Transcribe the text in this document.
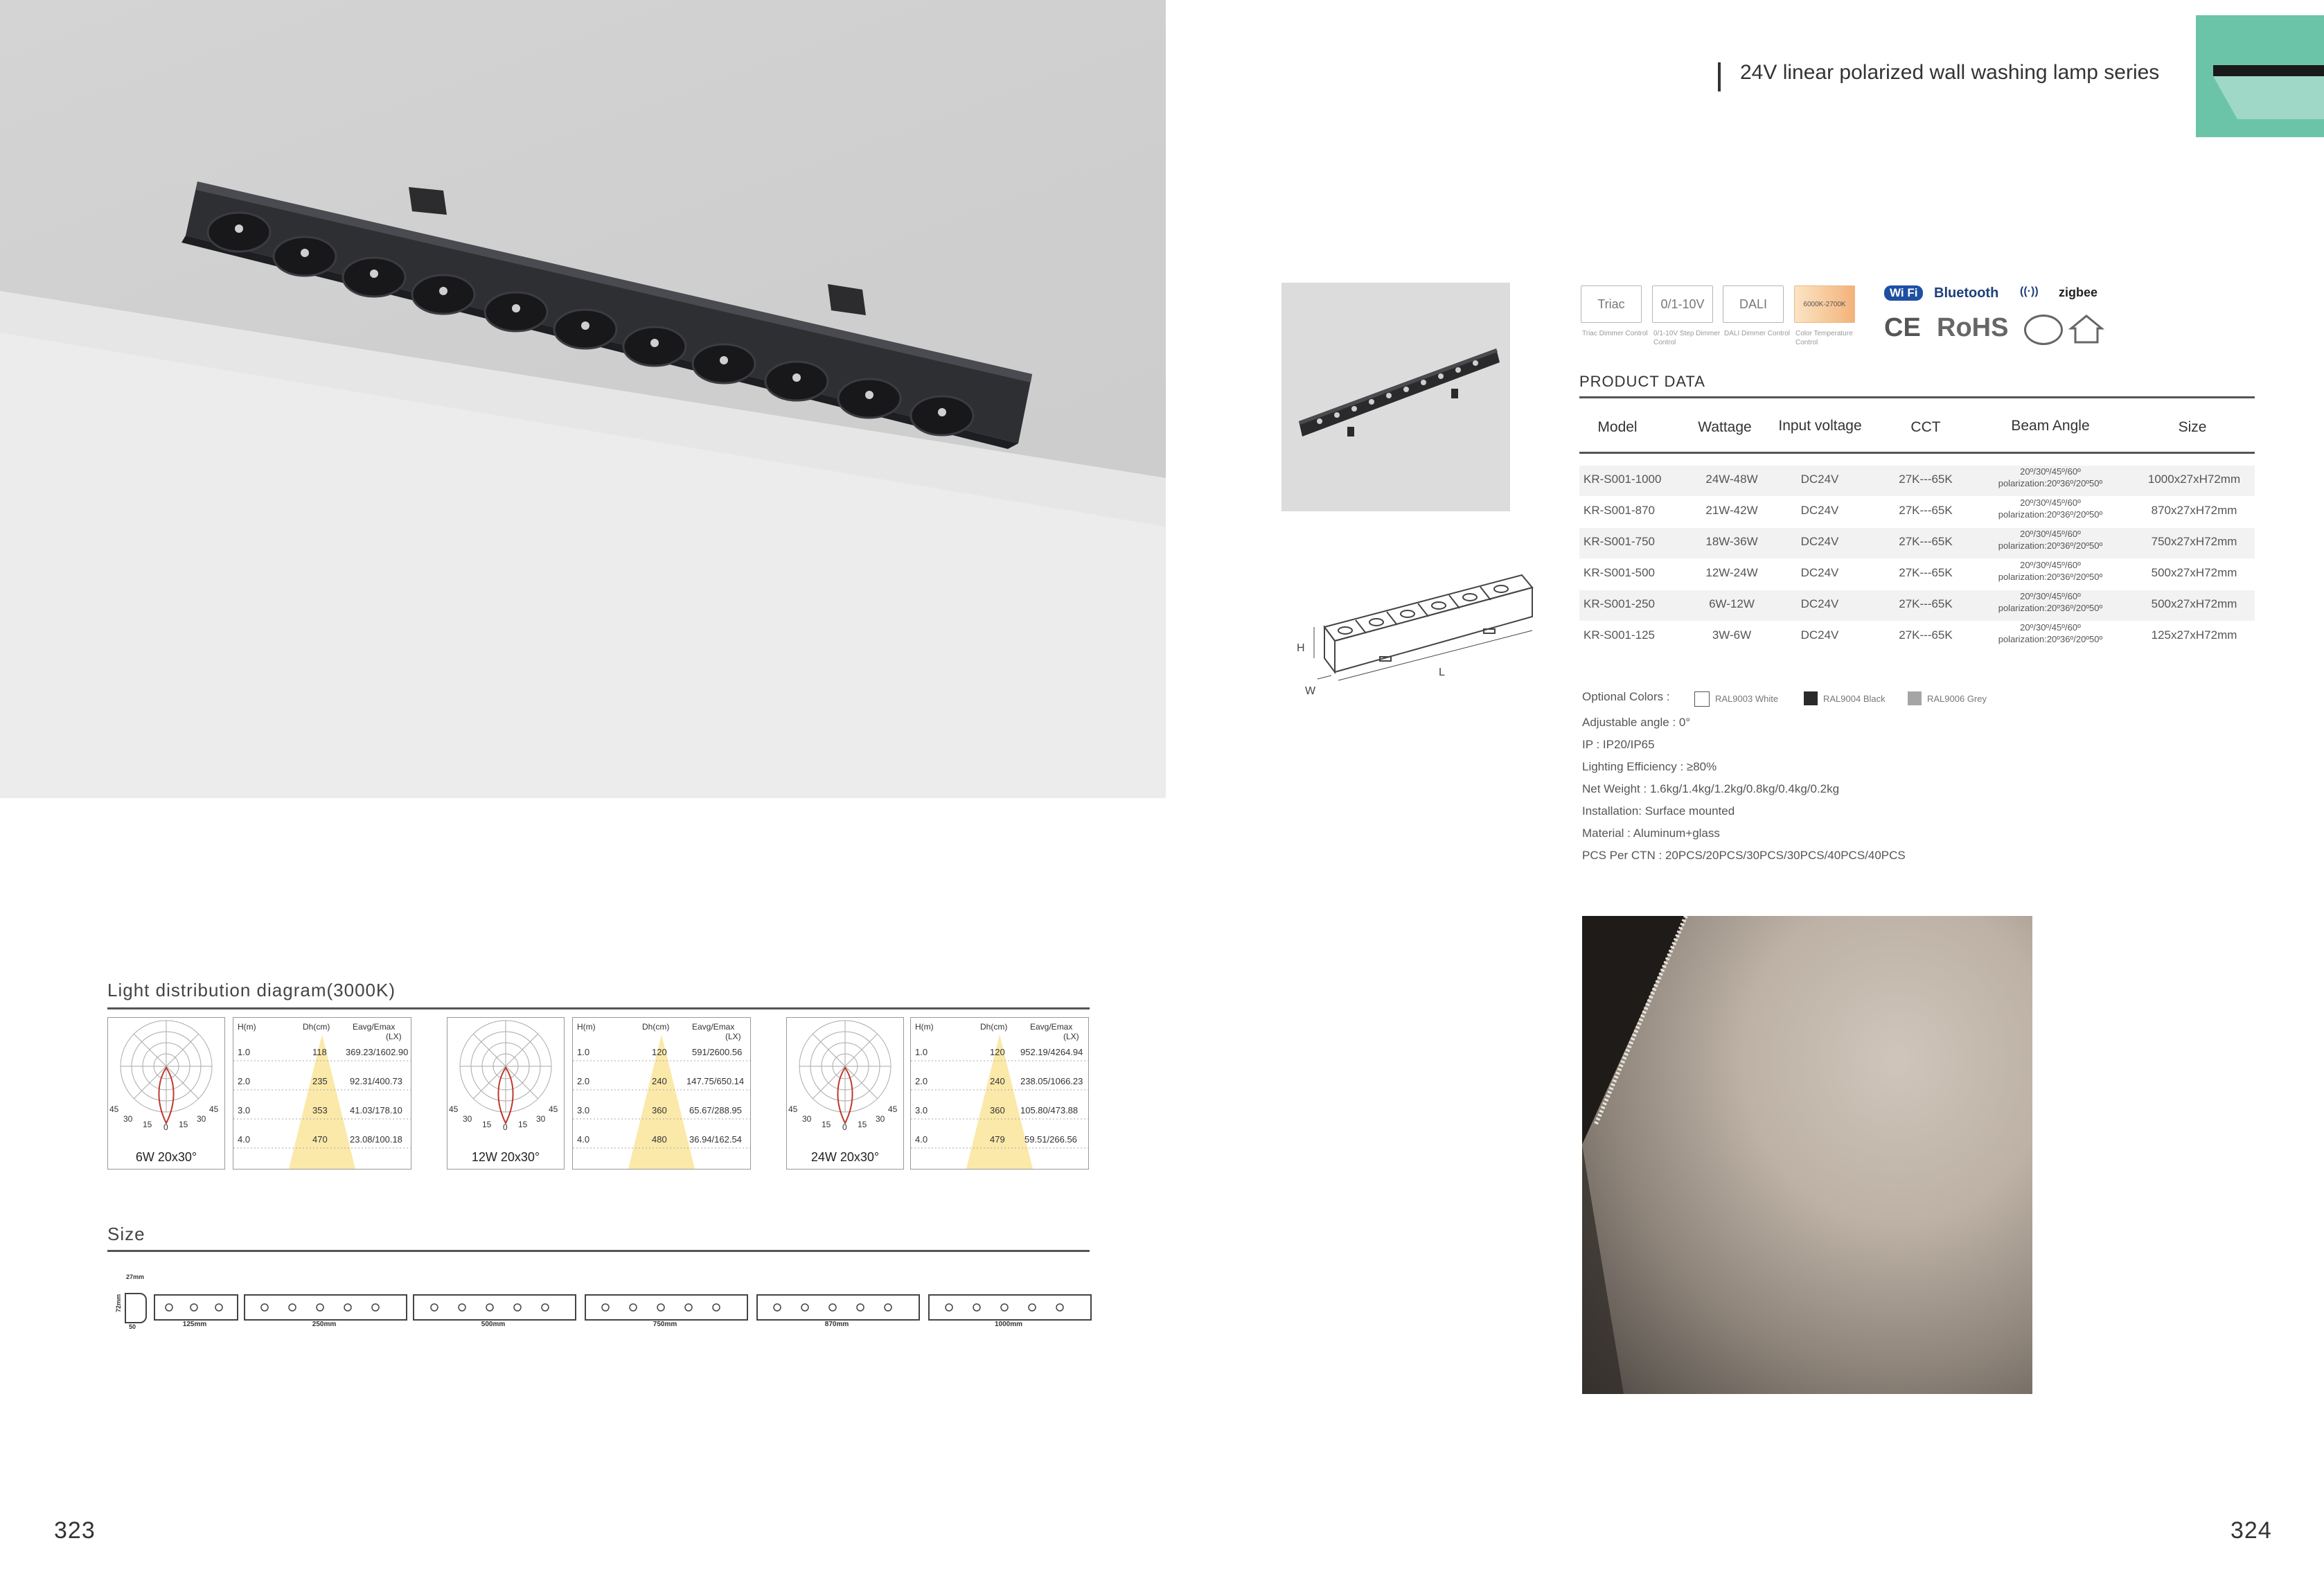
24V linear polarized wall washing lamp series
H
W
L
Triac	0/1-10V	DALI	6000K-2700K
Triac Dimmer Control 0/1-10V Step Dimmer Control
DALI Dimmer Control Color Temperature Control
Wi Fi	Bluetooth ((·)) zigbee
CE RoHS
PRODUCT DATA
Model	Wattage	Input voltage	CCT	Beam Angle	Size
KR-S001-1000	24W-48W	DC24V	27K---65K
20º/30º/45º/60º
polarization:20º36º/20º50º	1000x27xH72mm
KR-S001-870	21W-42W	DC24V	27K---65K
20º/30º/45º/60º
polarization:20º36º/20º50º	870x27xH72mm
KR-S001-750	18W-36W	DC24V	27K---65K
20º/30º/45º/60º
polarization:20º36º/20º50º	750x27xH72mm
KR-S001-500	12W-24W	DC24V	27K---65K
20º/30º/45º/60º
polarization:20º36º/20º50º	500x27xH72mm
KR-S001-250	6W-12W	DC24V	27K---65K
20º/30º/45º/60º
polarization:20º36º/20º50º	500x27xH72mm
KR-S001-125	3W-6W	DC24V	27K---65K
20º/30º/45º/60º
polarization:20º36º/20º50º	125x27xH72mm
Optional Colors :	RAL9003 White	RAL9004 Black	RAL9006 Grey
Adjustable angle : 0°
IP : IP20/IP65
Lighting Efficiency : ≥80%
Net Weight : 1.6kg/1.4kg/1.2kg/0.8kg/0.4kg/0.2kg
Installation: Surface mounted
Material : Aluminum+glass
PCS Per CTN : 20PCS/20PCS/30PCS/30PCS/40PCS/40PCS
Light distribution diagram(3000K)
45	45
30	30
15	15
0
6W 20x30°
H(m)	Dh(cm)	Eavg/Emax
(LX)
1.0	118 369.23/1602.90
2.0	235 92.31/400.73
3.0	353 41.03/178.10
4.0	470 23.08/100.18
45	45
30	30
15	15
0
12W 20x30°
H(m)	Dh(cm)	Eavg/Emax
(LX)
1.0	120	591/2600.56
2.0	240 147.75/650.14
3.0	360 65.67/288.95
4.0	480 36.94/162.54
45	45
30	30
15	15
0
24W 20x30°
H(m)	Dh(cm)	Eavg/Emax
(LX)
1.0	120 952.19/4264.94
2.0	240 238.05/1066.23
3.0	360 105.80/473.88
4.0	479 59.51/266.56
Size
27mm
72mm
50	125mm	250mm	500mm	750mm	870mm	1000mm
323	324
